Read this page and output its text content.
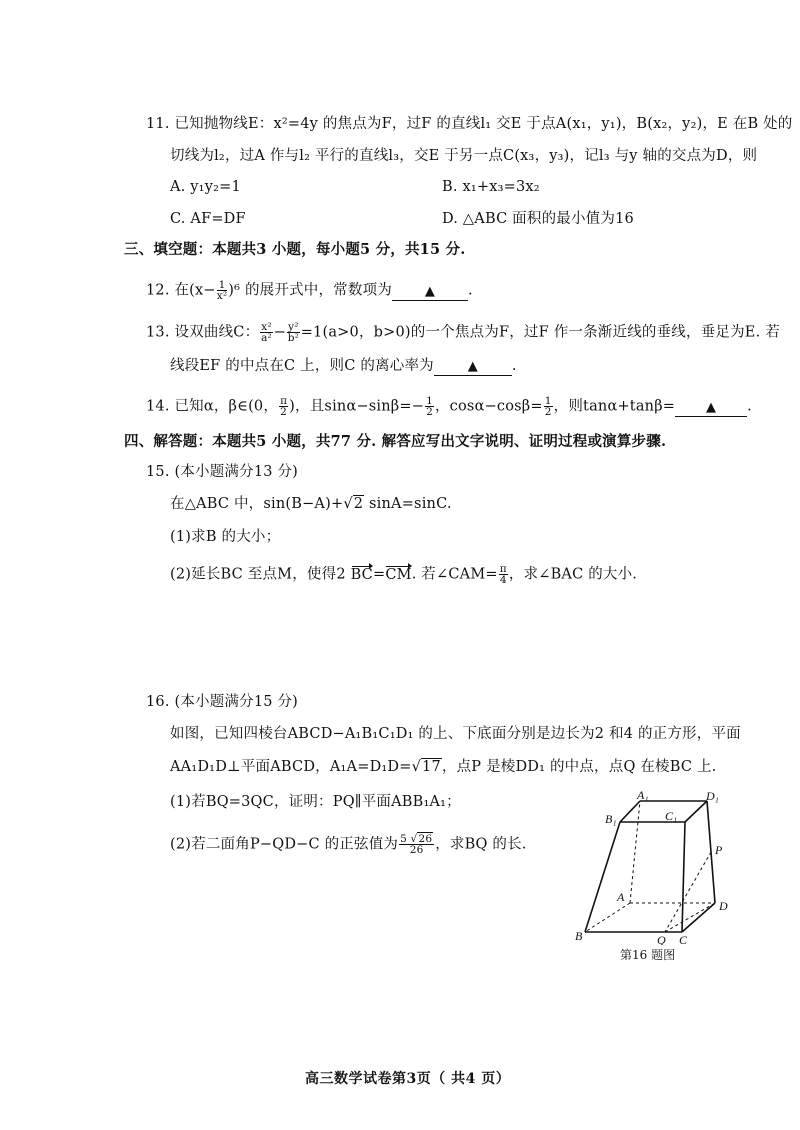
11. 已知抛物线E：x²=4y 的焦点为F，过F 的直线l₁ 交E 于点A(x₁，y₁)，B(x₂，y₂)，E 在B 处的
切线为l₂，过A 作与l₂ 平行的直线l₃，交E 于另一点C(x₃，y₃)，记l₃ 与y 轴的交点为D，则
A. y₁y₂=1	B. x₁+x₃=3x₂
C. AF=DF	D. △ABC 面积的最小值为16
三、填空题：本题共3 小题，每小题5 分，共15 分.
12. 在$(x- \frac{1}{\text{x²}} )^6$ 的展开式中，常数项为	▲ .
13. 设双曲线C： $\frac{\text{x²}}{\text{a²}} - \frac{\text{y²}}{\text{b²}} =1(a>0$，b>0)的一个焦点为F，过F 作一条渐近线的垂线，垂足为E. 若
线段EF 的中点在C 上，则C 的离心率为	▲ .
14. 已知α，β∈(0， $\frac{\pi}{2}$ )，且$\sin\alpha-\sin\beta=- \frac{1}{2}$ ，$\cos\alpha-\cos\beta= \frac{1}{2}$ ，则tanα+tanβ= ▲ .
四、解答题：本题共5 小题，共77 分. 解答应写出文字说明、证明过程或演算步骤.
15. (本小题满分13 分)
在△ABC 中，sin(B−A)+√2 sinA=sinC.
(1)求B 的大小；
(2)延长BC 至点M，使得2 BC=CM. 若∠CAM= $\frac{\pi}{4}$ ，求∠BAC 的大小.
16. (本小题满分15 分)
如图，已知四棱台ABCD−A₁B₁C₁D₁ 的上、下底面分别是边长为2 和4 的正方形，平面
AA₁D₁D⊥平面ABCD，A₁A=D₁D=√17，点P 是棱DD₁ 的中点，点Q 在棱BC 上.
(1)若BQ=3QC，证明：PQ∥平面ABB₁A₁；
(2)若二面角P−QD−C 的正弦值为 $\frac{5 √26}{26}$ ，求BQ 的长.
A₁	D₁
B₁	C₁
P
A
D
B	Q C
第16 题图
高三数学试卷第3页（ 共4 页）
